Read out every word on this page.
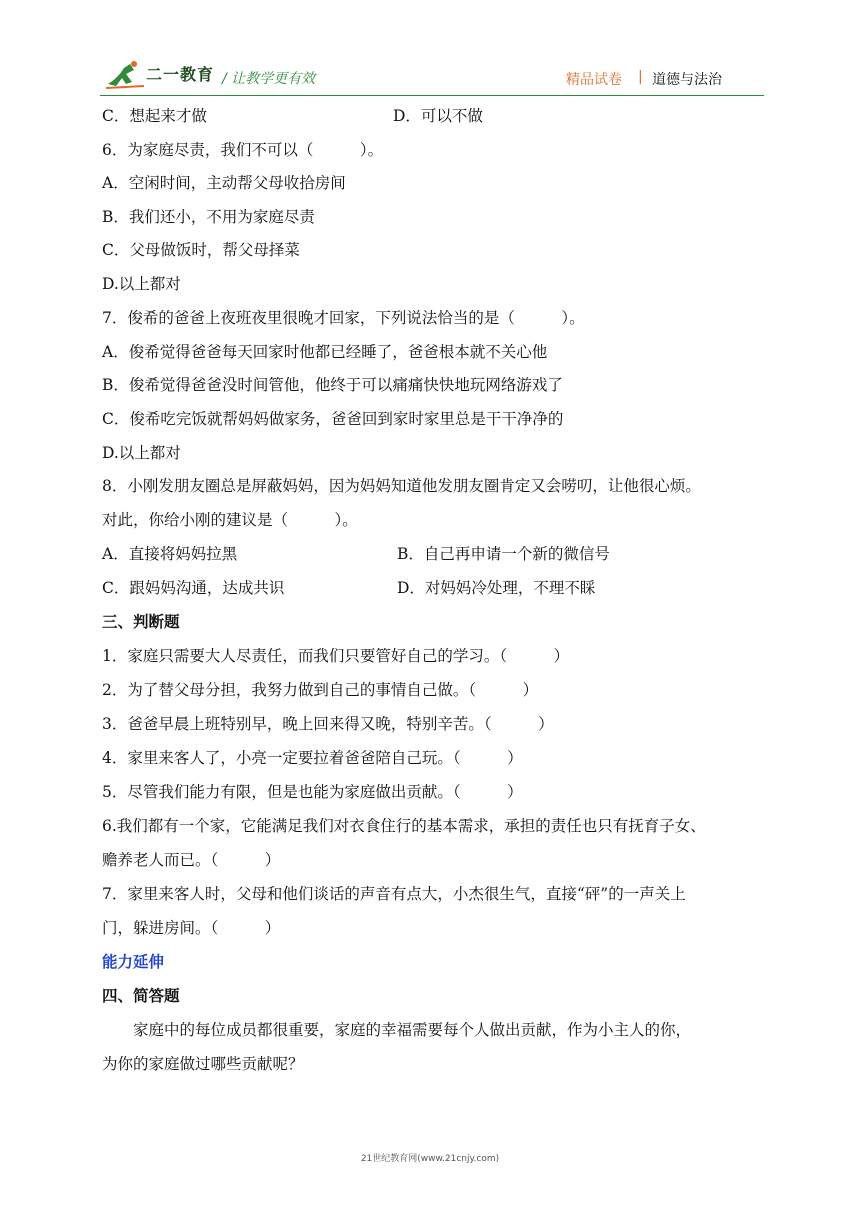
二一教育 / 让教学更有效	精品试卷 | 道德与法治
C．想起来才做	D．可以不做
6．为家庭尽责，我们不可以（　　　）。
A．空闲时间，主动帮父母收拾房间
B．我们还小，不用为家庭尽责
C．父母做饭时，帮父母择菜
D.以上都对
7．俊希的爸爸上夜班夜里很晚才回家，下列说法恰当的是（　　　）。
A．俊希觉得爸爸每天回家时他都已经睡了，爸爸根本就不关心他
B．俊希觉得爸爸没时间管他，他终于可以痛痛快快地玩网络游戏了
C．俊希吃完饭就帮妈妈做家务，爸爸回到家时家里总是干干净净的
D.以上都对
8．小刚发朋友圈总是屏蔽妈妈，因为妈妈知道他发朋友圈肯定又会唠叨，让他很心烦。
对此，你给小刚的建议是（　　　）。
A．直接将妈妈拉黑	B．自己再申请一个新的微信号
C．跟妈妈沟通，达成共识	D．对妈妈冷处理，不理不睬
三、判断题
1．家庭只需要大人尽责任，而我们只要管好自己的学习。（　　　）
2．为了替父母分担，我努力做到自己的事情自己做。（　　　）
3．爸爸早晨上班特别早，晚上回来得又晚，特别辛苦。（　　　）
4．家里来客人了，小亮一定要拉着爸爸陪自己玩。（　　　）
5．尽管我们能力有限，但是也能为家庭做出贡献。（　　　）
6.我们都有一个家，它能满足我们对衣食住行的基本需求，承担的责任也只有抚育子女、
赡养老人而已。（　　　）
7．家里来客人时，父母和他们谈话的声音有点大，小杰很生气，直接“砰”的一声关上
门，躲进房间。（　　　）
能力延伸
四、简答题
家庭中的每位成员都很重要，家庭的幸福需要每个人做出贡献，作为小主人的你，
为你的家庭做过哪些贡献呢？
21世纪教育网(www.21cnjy.com)
